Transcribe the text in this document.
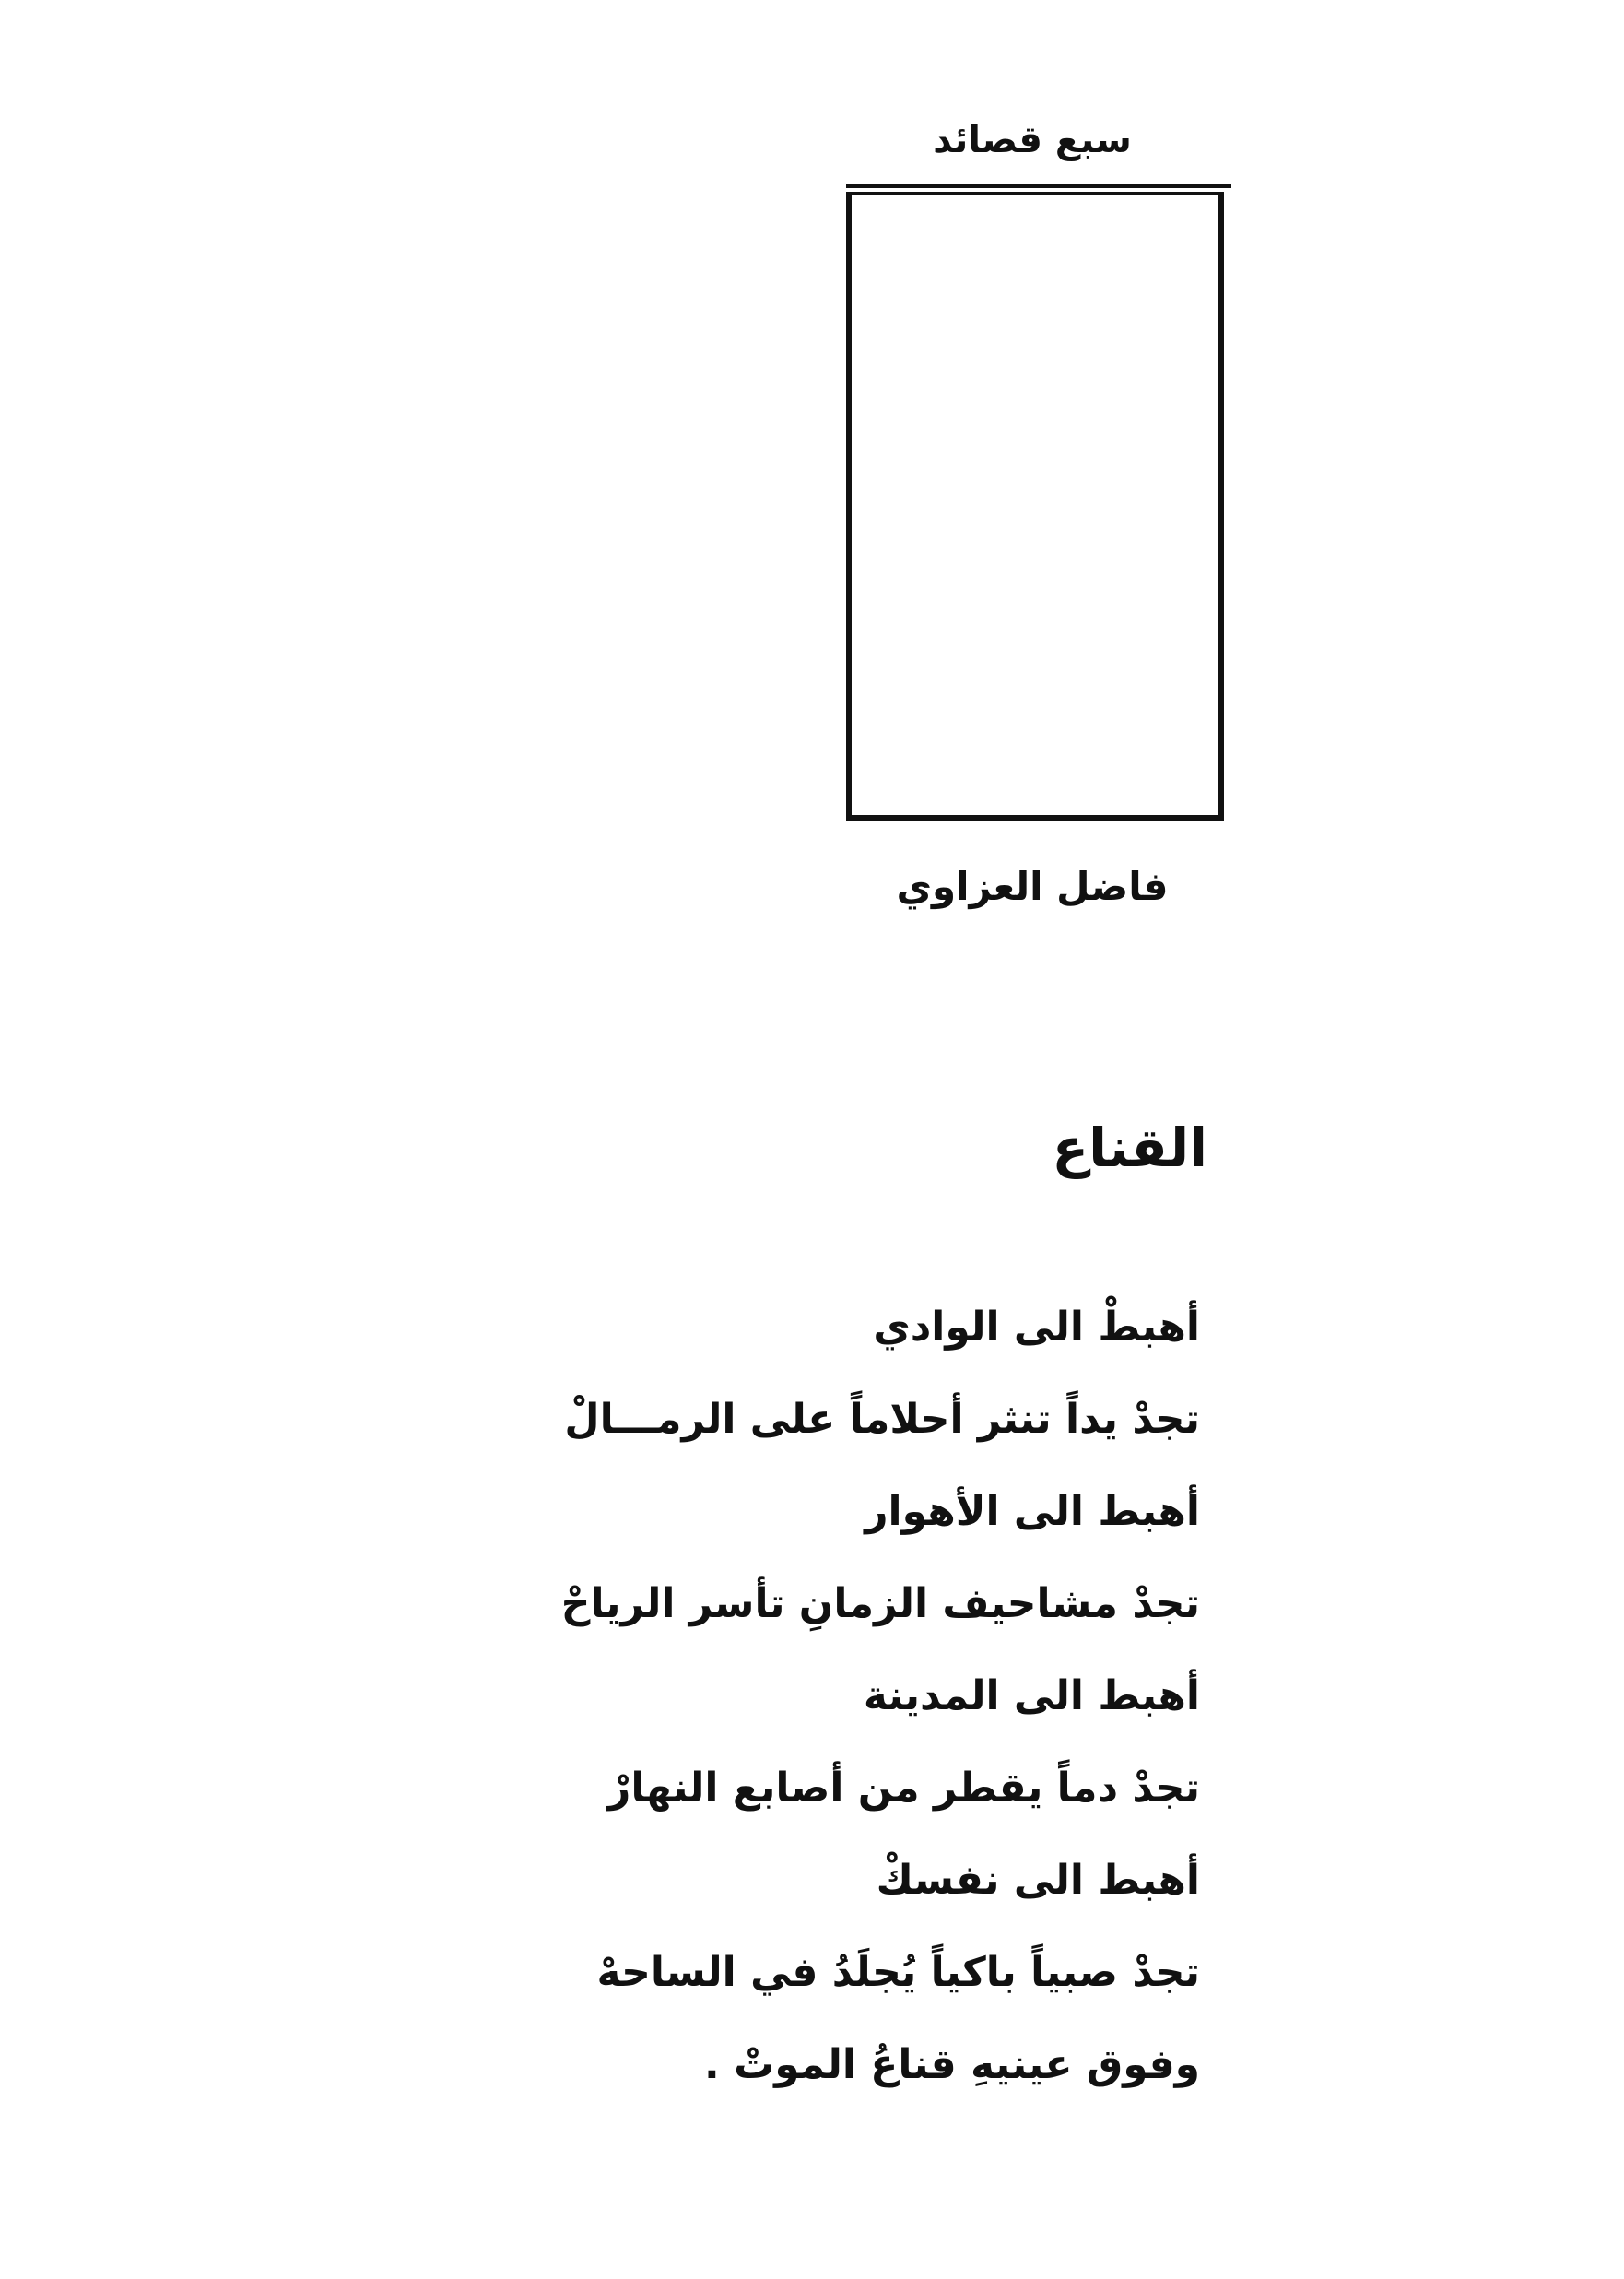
سبع قصائد
فاضل العزاوي
القناع
أهبطْ الى الوادي
تجدْ يداً تنثر أحلاماً على الرمـــالْ
أهبط الى الأهوار
تجدْ مشاحيف الزمانِ تأسر الرياحْ
أهبط الى المدينة
تجدْ دماً يقطر من أصابع النهارْ
أهبط الى نفسكْ
تجدْ صبياً باكياً يُجلَدُ في الساحهْ
وفوق عينيهِ قناعُ الموتْ .
